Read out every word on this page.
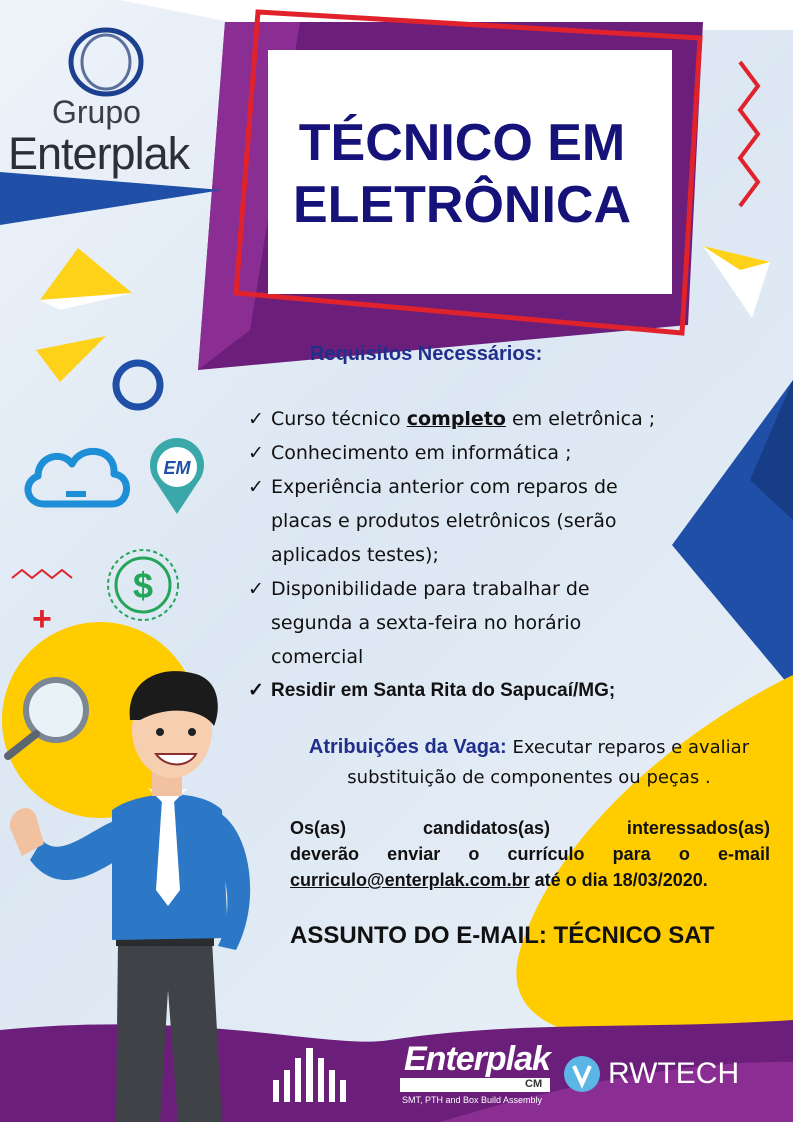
Grupo
Enterplak	TÉCNICO EM
ELETRÔNICA
EM
$
+
Requisitos Necessários:
✓ Curso técnico completo em eletrônica ;
✓ Conhecimento em informática ;
✓ Experiência anterior com reparos de placas e produtos eletrônicos (serão aplicados testes);
✓ Disponibilidade para trabalhar de segunda a sexta-feira no horário comercial
✓ Residir em Santa Rita do Sapucaí/MG;
Atribuições da Vaga: Executar reparos e avaliar substituição de componentes ou peças .
Os(as)      candidatos(as)      interessados(as)
deverão enviar o currículo para o e-mail
curriculo@enterplak.com.br até o dia 18/03/2020.
ASSUNTO DO E-MAIL: TÉCNICO SAT
Enterplak
CM
SMT, PTH and Box Build Assembly
RWTECH
